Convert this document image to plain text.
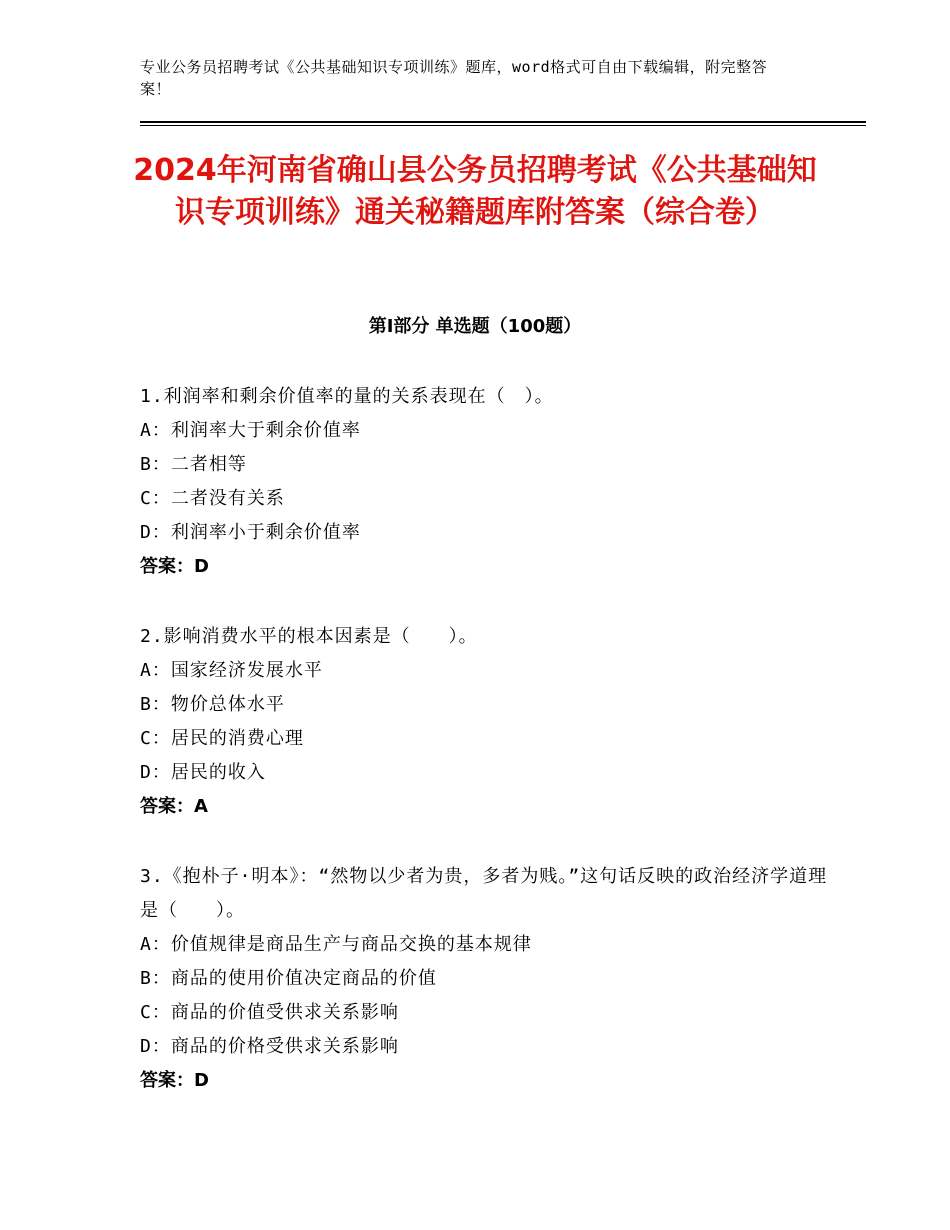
专业公务员招聘考试《公共基础知识专项训练》题库，word格式可自由下载编辑，附完整答案！
2024年河南省确山县公务员招聘考试《公共基础知识专项训练》通关秘籍题库附答案（综合卷）
第Ⅰ部分 单选题（100题）
1.利润率和剩余价值率的量的关系表现在（　）。
A：利润率大于剩余价值率
B：二者相等
C：二者没有关系
D：利润率小于剩余价值率
答案：D
2.影响消费水平的根本因素是（　　）。
A：国家经济发展水平
B：物价总体水平
C：居民的消费心理
D：居民的收入
答案：A
3.《抱朴子·明本》：“然物以少者为贵，多者为贱。”这句话反映的政治经济学道理是（　　）。
A：价值规律是商品生产与商品交换的基本规律
B：商品的使用价值决定商品的价值
C：商品的价值受供求关系影响
D：商品的价格受供求关系影响
答案：D
